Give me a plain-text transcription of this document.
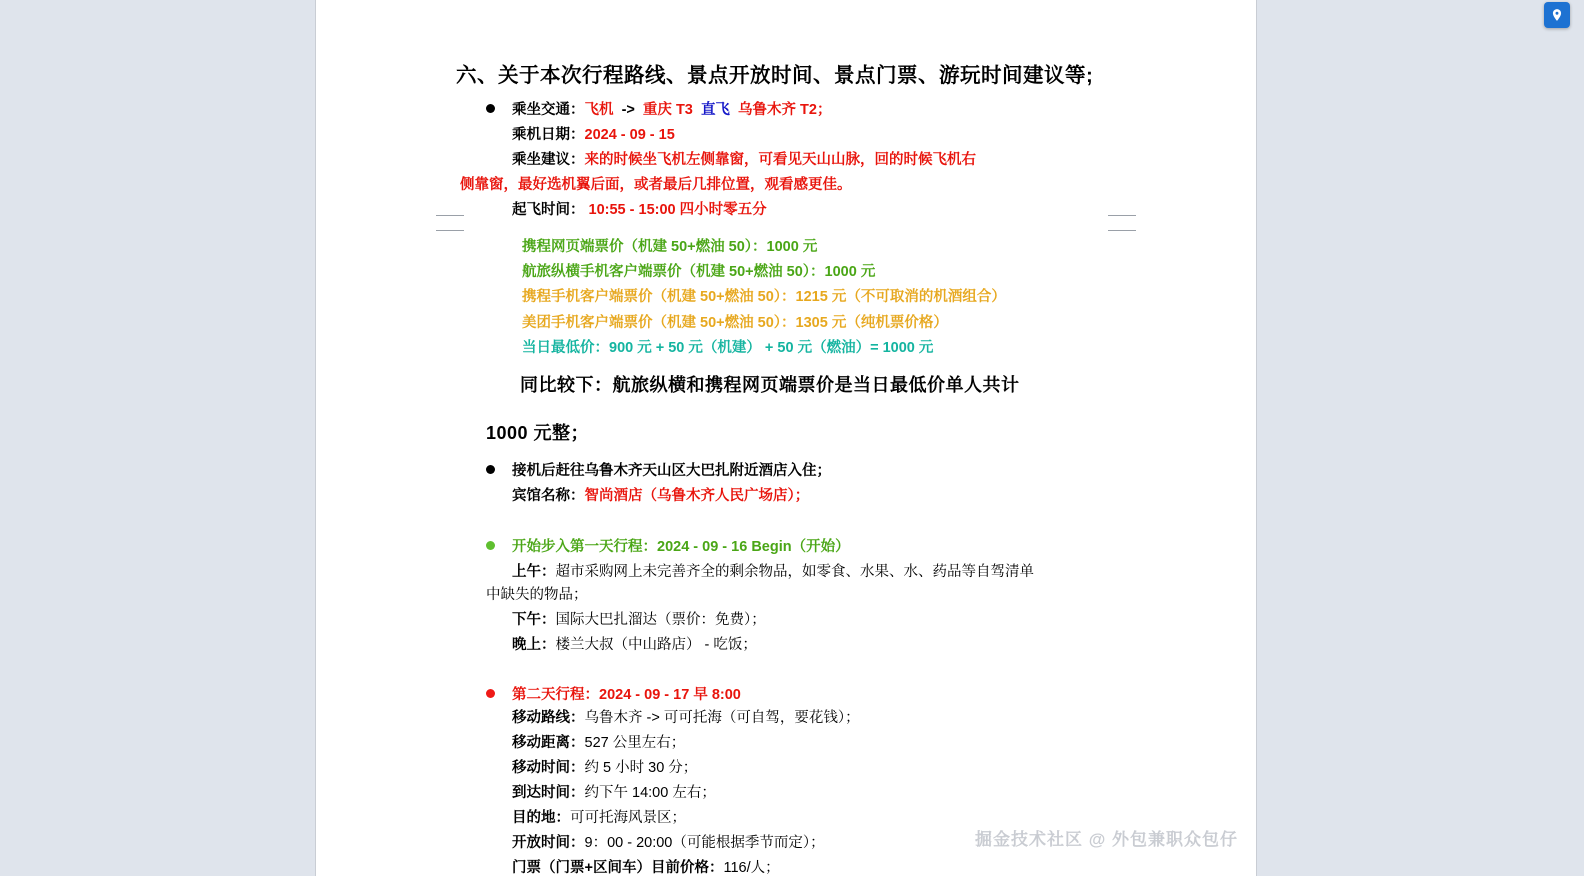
六、关于本次行程路线、景点开放时间、景点门票、游玩时间建议等;
乘坐交通：飞机 -> 重庆 T3 直飞 乌鲁木齐 T2；
乘机日期：2024 - 09 - 15
乘坐建议：来的时候坐飞机左侧靠窗，可看见天山山脉，回的时候飞机右
侧靠窗，最好选机翼后面，或者最后几排位置，观看感更佳。
起飞时间： 10:55 - 15:00 四小时零五分
携程网页端票价（机建 50+燃油 50）：1000 元
航旅纵横手机客户端票价（机建 50+燃油 50）：1000 元
携程手机客户端票价（机建 50+燃油 50）：1215 元（不可取消的机酒组合）
美团手机客户端票价（机建 50+燃油 50）：1305 元（纯机票价格）
当日最低价：900 元 + 50 元（机建） + 50 元（燃油）= 1000 元
同比较下：航旅纵横和携程网页端票价是当日最低价单人共计
1000 元整；
接机后赶往乌鲁木齐天山区大巴扎附近酒店入住；
宾馆名称：智尚酒店（乌鲁木齐人民广场店）；
开始步入第一天行程：2024 - 09 - 16 Begin（开始）
上午：超市采购网上未完善齐全的剩余物品，如零食、水果、水、药品等自驾清单
中缺失的物品；
下午：国际大巴扎溜达（票价：免费）；
晚上：楼兰大叔（中山路店） - 吃饭；
第二天行程：2024 - 09 - 17 早 8:00
移动路线：乌鲁木齐 -> 可可托海（可自驾，要花钱）；
移动距离：527 公里左右；
移动时间：约 5 小时 30 分；
到达时间：约下午 14:00 左右；
目的地：可可托海风景区；
开放时间：9：00 - 20:00（可能根据季节而定）；
门票（门票+区间车）目前价格：116/人；
掘金技术社区 @ 外包兼职众包仔
